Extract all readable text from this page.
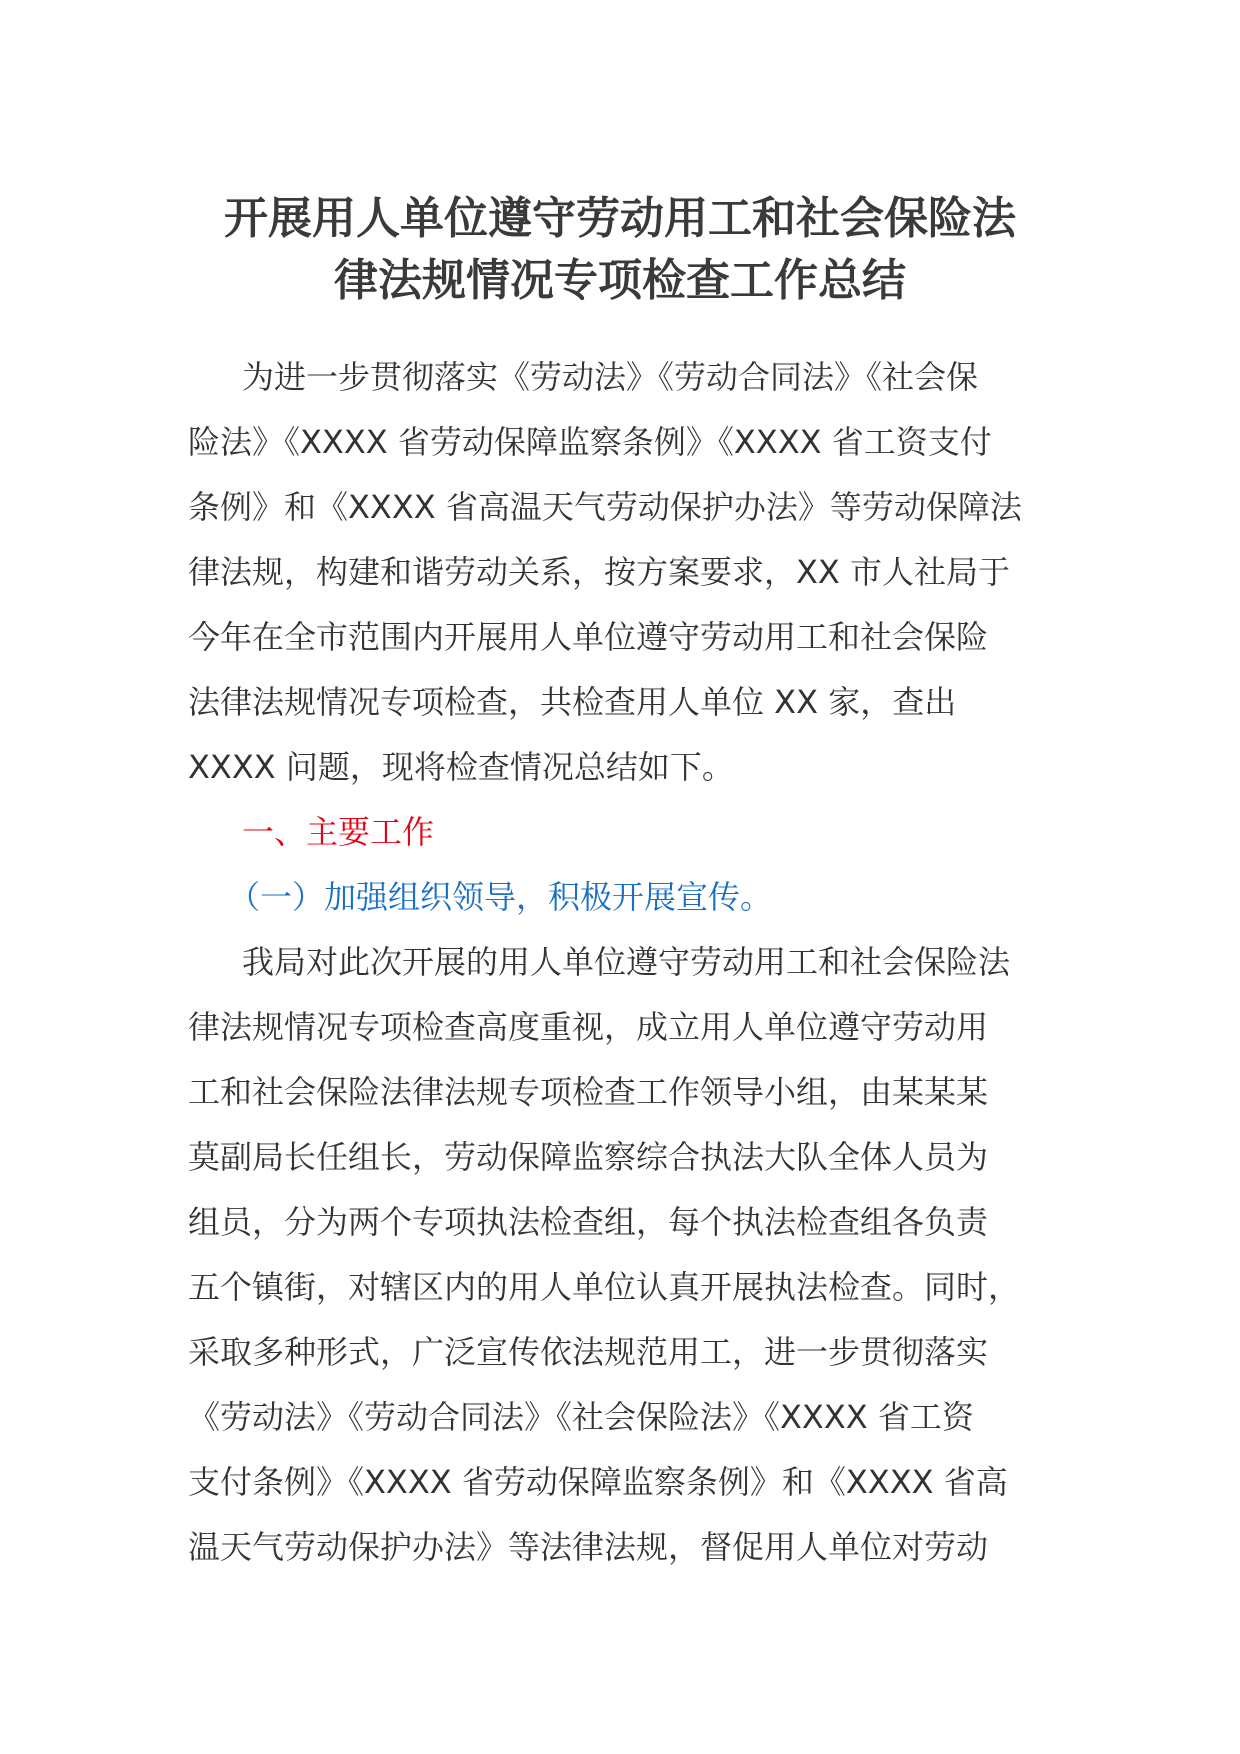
开展用人单位遵守劳动用工和社会保险法
律法规情况专项检查工作总结
为进一步贯彻落实《劳动法》《劳动合同法》《社会保
险法》《XXXX 省劳动保障监察条例》《XXXX 省工资支付
条例》和《XXXX 省高温天气劳动保护办法》等劳动保障法
律法规，构建和谐劳动关系，按方案要求，XX 市人社局于
今年在全市范围内开展用人单位遵守劳动用工和社会保险
法律法规情况专项检查，共检查用人单位 XX 家，查出
XXXX 问题，现将检查情况总结如下。
一、主要工作
（一）加强组织领导，积极开展宣传。
我局对此次开展的用人单位遵守劳动用工和社会保险法
律法规情况专项检查高度重视，成立用人单位遵守劳动用
工和社会保险法律法规专项检查工作领导小组，由某某某
莫副局长任组长，劳动保障监察综合执法大队全体人员为
组员，分为两个专项执法检查组，每个执法检查组各负责
五个镇街，对辖区内的用人单位认真开展执法检查。同时，
采取多种形式，广泛宣传依法规范用工，进一步贯彻落实
《劳动法》《劳动合同法》《社会保险法》《XXXX 省工资
支付条例》《XXXX 省劳动保障监察条例》和《XXXX 省高
温天气劳动保护办法》等法律法规，督促用人单位对劳动
